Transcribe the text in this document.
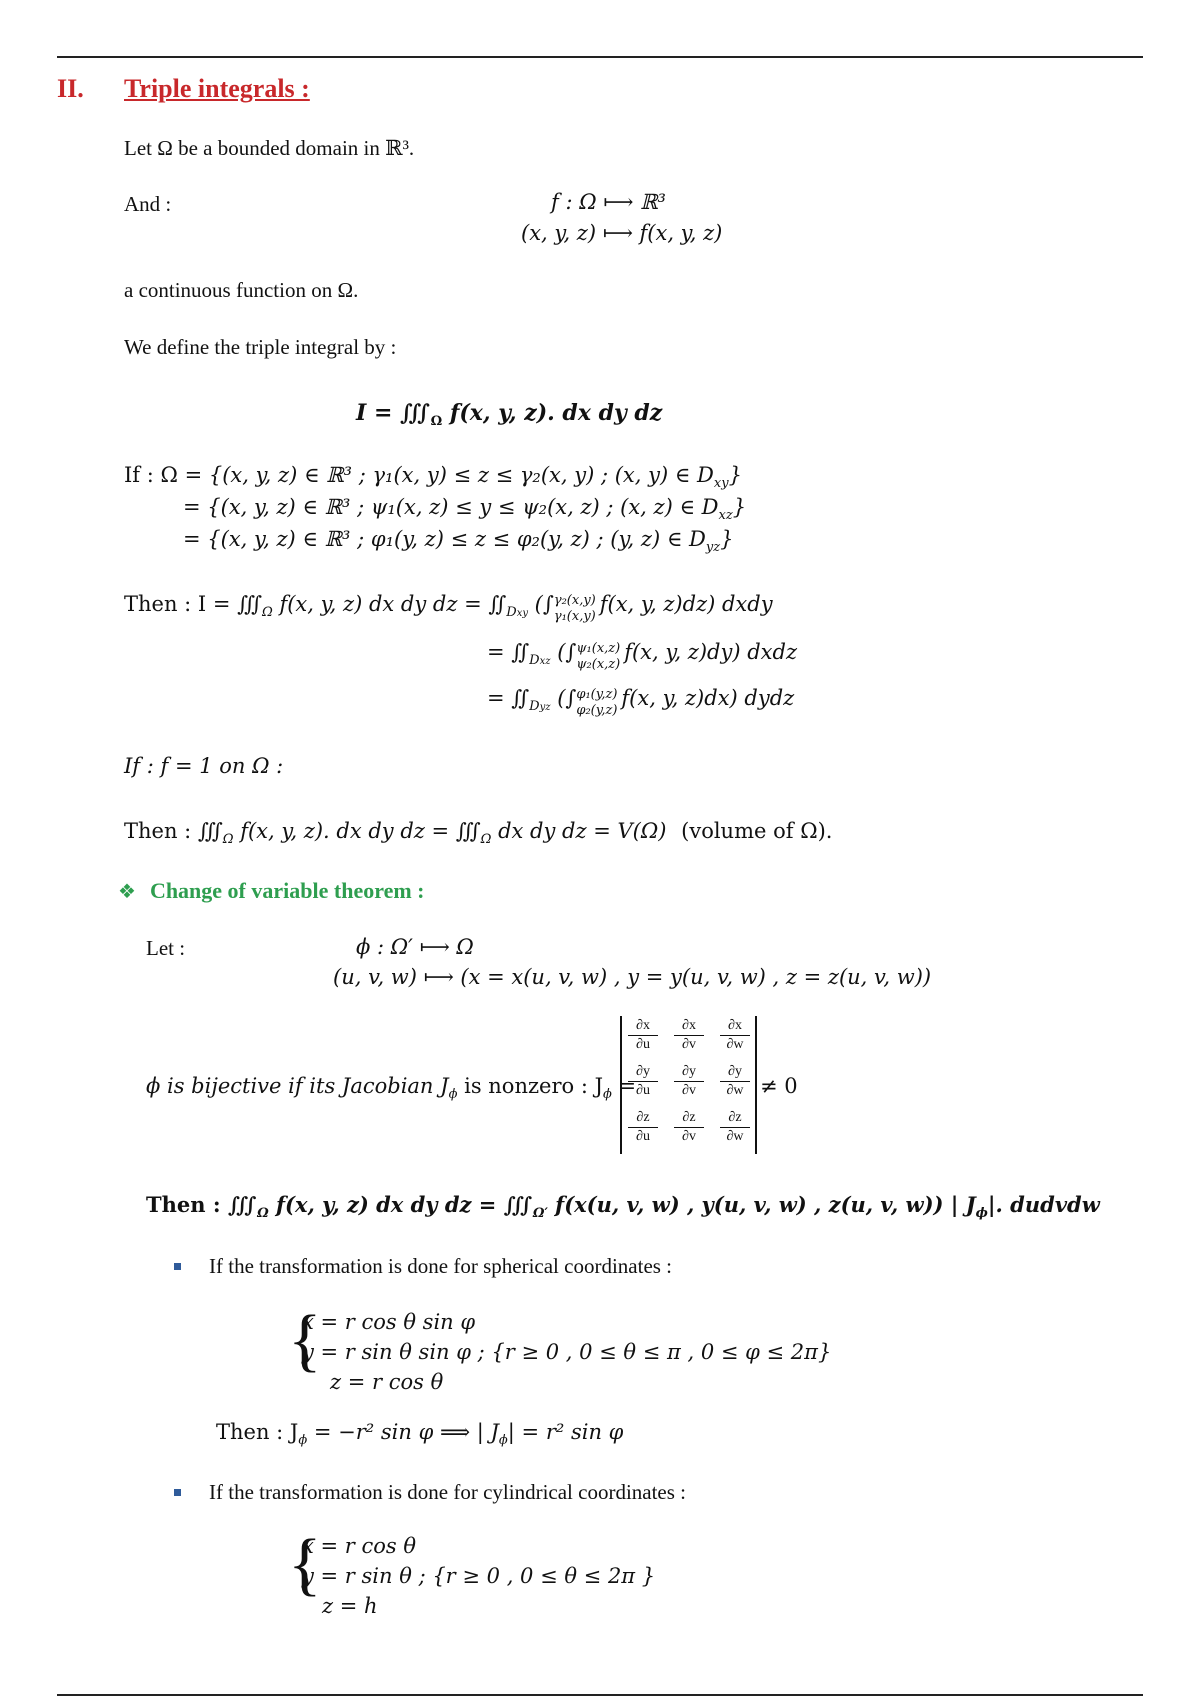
II. Triple integrals :
Let Ω be a bounded domain in ℝ³.
And :	f : Ω ⟼ ℝ³
(x, y, z) ⟼ f(x, y, z)
a continuous function on Ω.
We define the triple integral by :
$I = ∭_\Omega$ f(x, y, z). dx dy dz
If : Ω = {(x, y, z) ∈ ℝ³ ; γ₁(x, y) ≤ z ≤ γ₂(x, y) ; (x, y) ∈ $D_{xy}$}
= {(x, y, z) ∈ ℝ³ ; ψ₁(x, z) ≤ y ≤ ψ₂(x, z) ; (x, z) ∈ $D_{xz}$}
= {(x, y, z) ∈ ℝ³ ; φ₁(y, z) ≤ z ≤ φ₂(y, z) ; (y, z) ∈ $D_{yz}$}
Then : $I = ∭_\Omega$ f(x, y, z) dx dy dz = $∬_{Dxy}$ (∫ γ₂(x,y)
γ₁(x,y)
f(x, y, z)dz) dxdy
= $∬_{Dxz}$ (∫ ψ₁(x,z)
ψ₂(x,z)
f(x, y, z)dy) dxdz
= $∬_{Dyz}$ (∫ φ₁(y,z)
φ₂(y,z)
f(x, y, z)dx) dydz
If : f = 1 on Ω :
Then : $∭_\Omega$ f(x, y, z). dx dy dz = $∭_\Omega$ dx dy dz = V(Ω) (volume of Ω).
❖ Change of variable theorem :
Let :	ϕ : Ω′ ⟼ Ω
(u, v, w) ⟼ (x = x(u, v, w) , y = y(u, v, w) , z = z(u, v, w))
ϕ is bijective if its Jacobian $J_\phi$ is nonzero : $J_\phi$ =
$\frac{\partial x}{\partial u} \frac{\partial x}{\partial v} \frac{\partial x}{\partial w}$
$\frac{\partial y}{\partial u} \frac{\partial y}{\partial v} \frac{\partial y}{\partial w}$
$\frac{\partial z}{\partial u} \frac{\partial z}{\partial v} \frac{\partial z}{\partial w}$
≠ 0
Then : $∭_\Omega$ f(x, y, z) dx dy dz = $∭_{\Omega'}$ f(x(u, v, w) , y(u, v, w) , z(u, v, w)) | $J_\phi|$. dudvdw
If the transformation is done for spherical coordinates :
{
x = r cos θ sin φ
y = r sin θ sin φ ; {r ≥ 0 , 0 ≤ θ ≤ π , 0 ≤ φ ≤ 2π}
z = r cos θ
Then : $J_\phi = -r^2$ sin φ ⟹ | $J_\phi| = r^2$ sin φ
If the transformation is done for cylindrical coordinates :
{
x = r cos θ
y = r sin θ ; {r ≥ 0 , 0 ≤ θ ≤ 2π }
z = h
